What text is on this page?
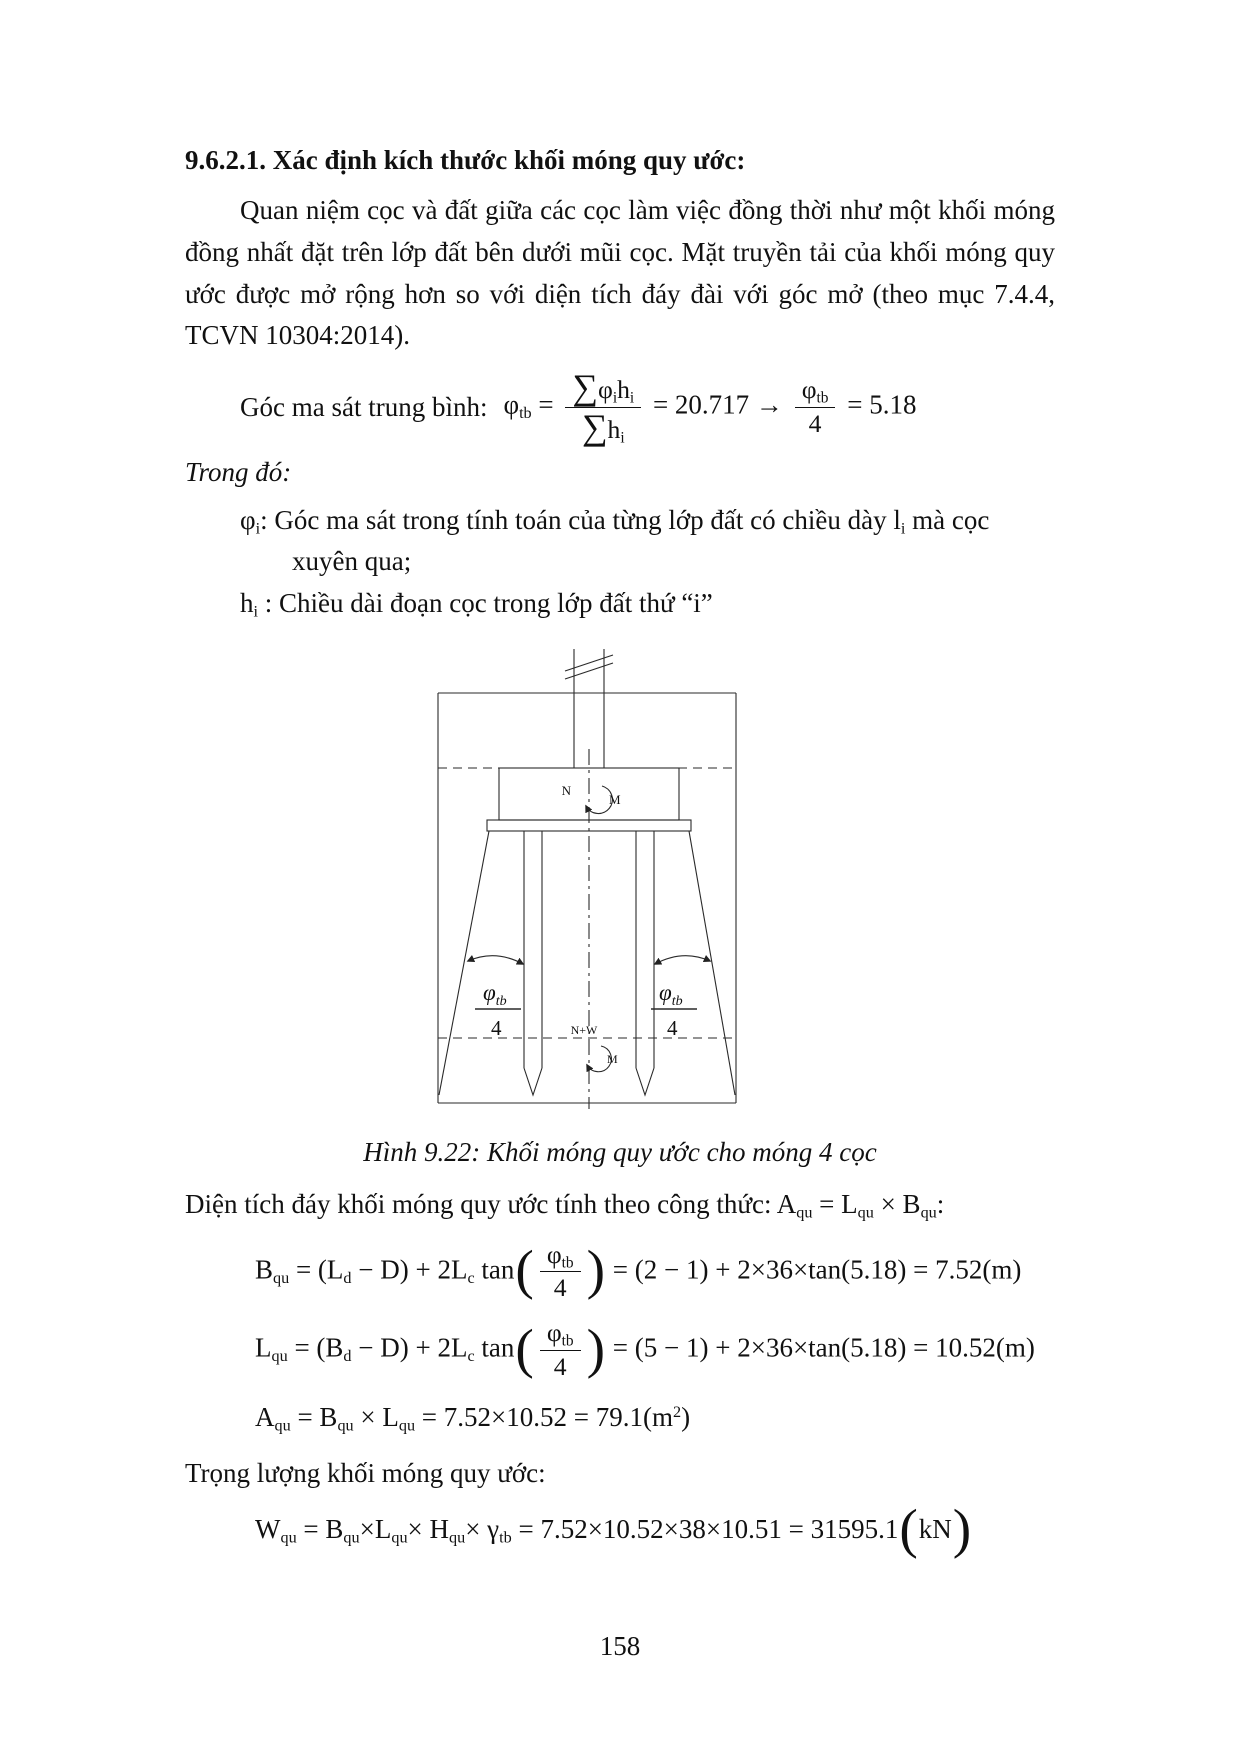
9.6.2.1. Xác định kích thước khối móng quy ước:

Quan niệm cọc và đất giữa các cọc làm việc đồng thời như một khối móng đồng nhất đặt trên lớp đất bên dưới mũi cọc. Mặt truyền tải của khối móng quy ước được mở rộng hơn so với diện tích đáy đài với góc mở (theo mục 7.4.4, TCVN 10304:2014).

Góc ma sát trung bình: $\varphi_{tb} = \frac{\sum\varphi_ih_i}{\sum h_i} = 20.717 \to \frac{\varphi_{tb}}{4} = 5.18$

Trong đó:

$\varphi_i$: Góc ma sát trong tính toán của từng lớp đất có chiều dày $l_i$ mà cọc xuyên qua;
$h_i$ : Chiều dài đoạn cọc trong lớp đất thứ “i”
N
M
N+W
M
$\varphi_{tb}$
4
$\varphi_{tb}$
4

Hình 9.22: Khối móng quy ước cho móng 4 cọc

Diện tích đáy khối móng quy ước tính theo công thức: $A_{qu} = L_{qu} \times B_{qu}$:

$B_{qu} = (L_d - D) + 2L_c$ $\tan( \frac{\varphi_{tb}}{4}$ ) = (2 − 1) + 2×36×tan(5.18) = 7.52(m)
$L_{qu} = (B_d - D) + 2L_c$ $\tan( \frac{\varphi_{tb}}{4}$ ) = (5 − 1) + 2×36×tan(5.18) = 10.52(m)
$A_{qu} = B_{qu} \times L_{qu} = 7.52\times 10.52 = 79.1(m^2)$

Trọng lượng khối móng quy ước:

$W_{qu} = B_{qu}\times L_{qu}\times H_{qu}\times \gamma_{tb} = 7.52\times 10.52\times 38\times 10.51 = 31595.1(kN)$
158
